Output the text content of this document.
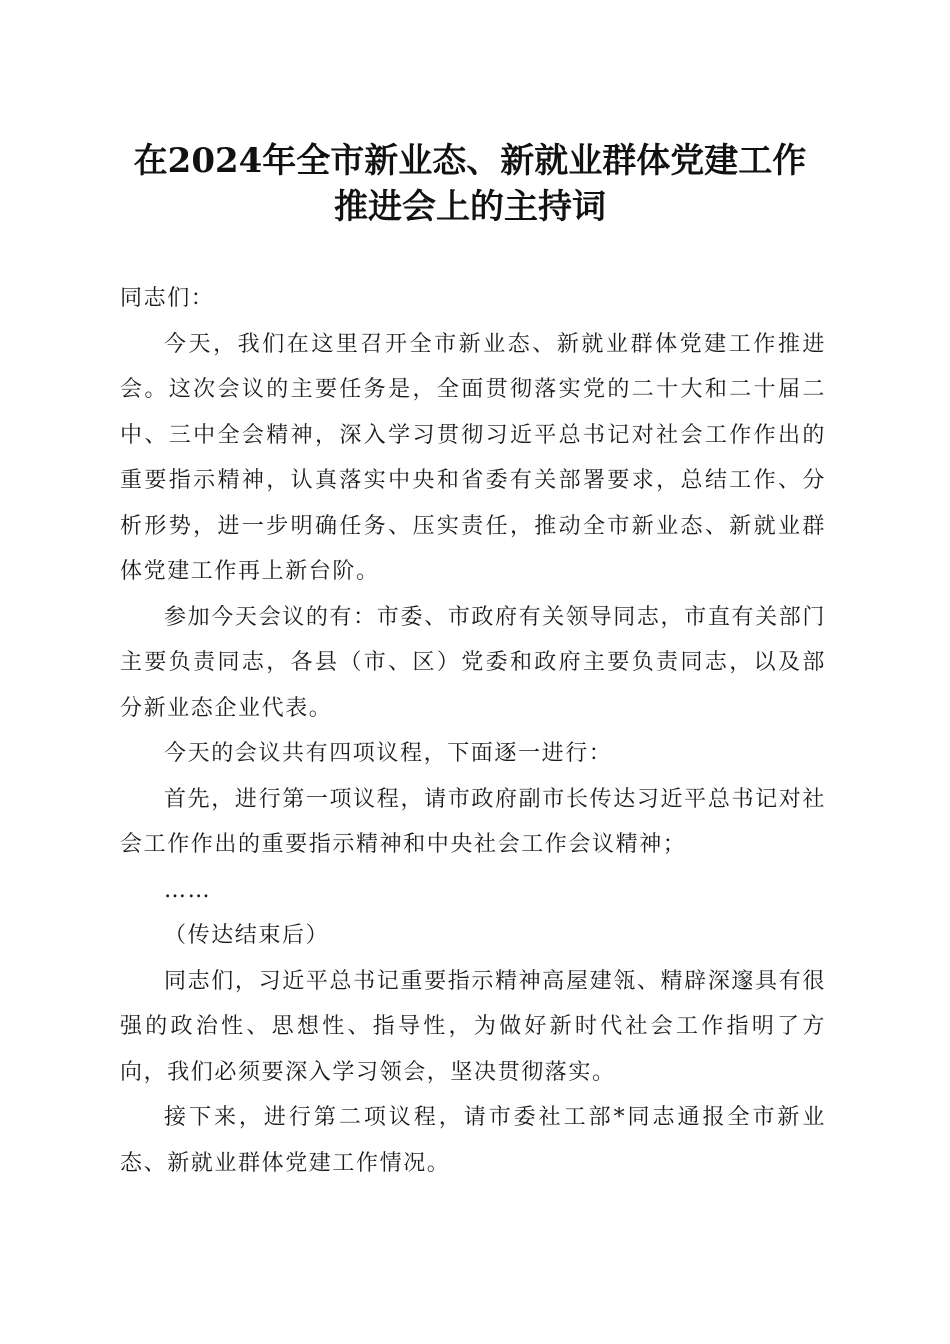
在2024年全市新业态、新就业群体党建工作
推进会上的主持词

同志们：

今天，我们在这里召开全市新业态、新就业群体党建工作推进会。这次会议的主要任务是，全面贯彻落实党的二十大和二十届二中、三中全会精神，深入学习贯彻习近平总书记对社会工作作出的重要指示精神，认真落实中央和省委有关部署要求，总结工作、分析形势，进一步明确任务、压实责任，推动全市新业态、新就业群体党建工作再上新台阶。

参加今天会议的有：市委、市政府有关领导同志，市直有关部门主要负责同志，各县（市、区）党委和政府主要负责同志，以及部分新业态企业代表。

今天的会议共有四项议程，下面逐一进行：

首先，进行第一项议程，请市政府副市长传达习近平总书记对社会工作作出的重要指示精神和中央社会工作会议精神；

……

（传达结束后）

同志们，习近平总书记重要指示精神高屋建瓴、精辟深邃具有很强的政治性、思想性、指导性，为做好新时代社会工作指明了方向，我们必须要深入学习领会，坚决贯彻落实。

接下来，进行第二项议程，请市委社工部*同志通报全市新业态、新就业群体党建工作情况。
